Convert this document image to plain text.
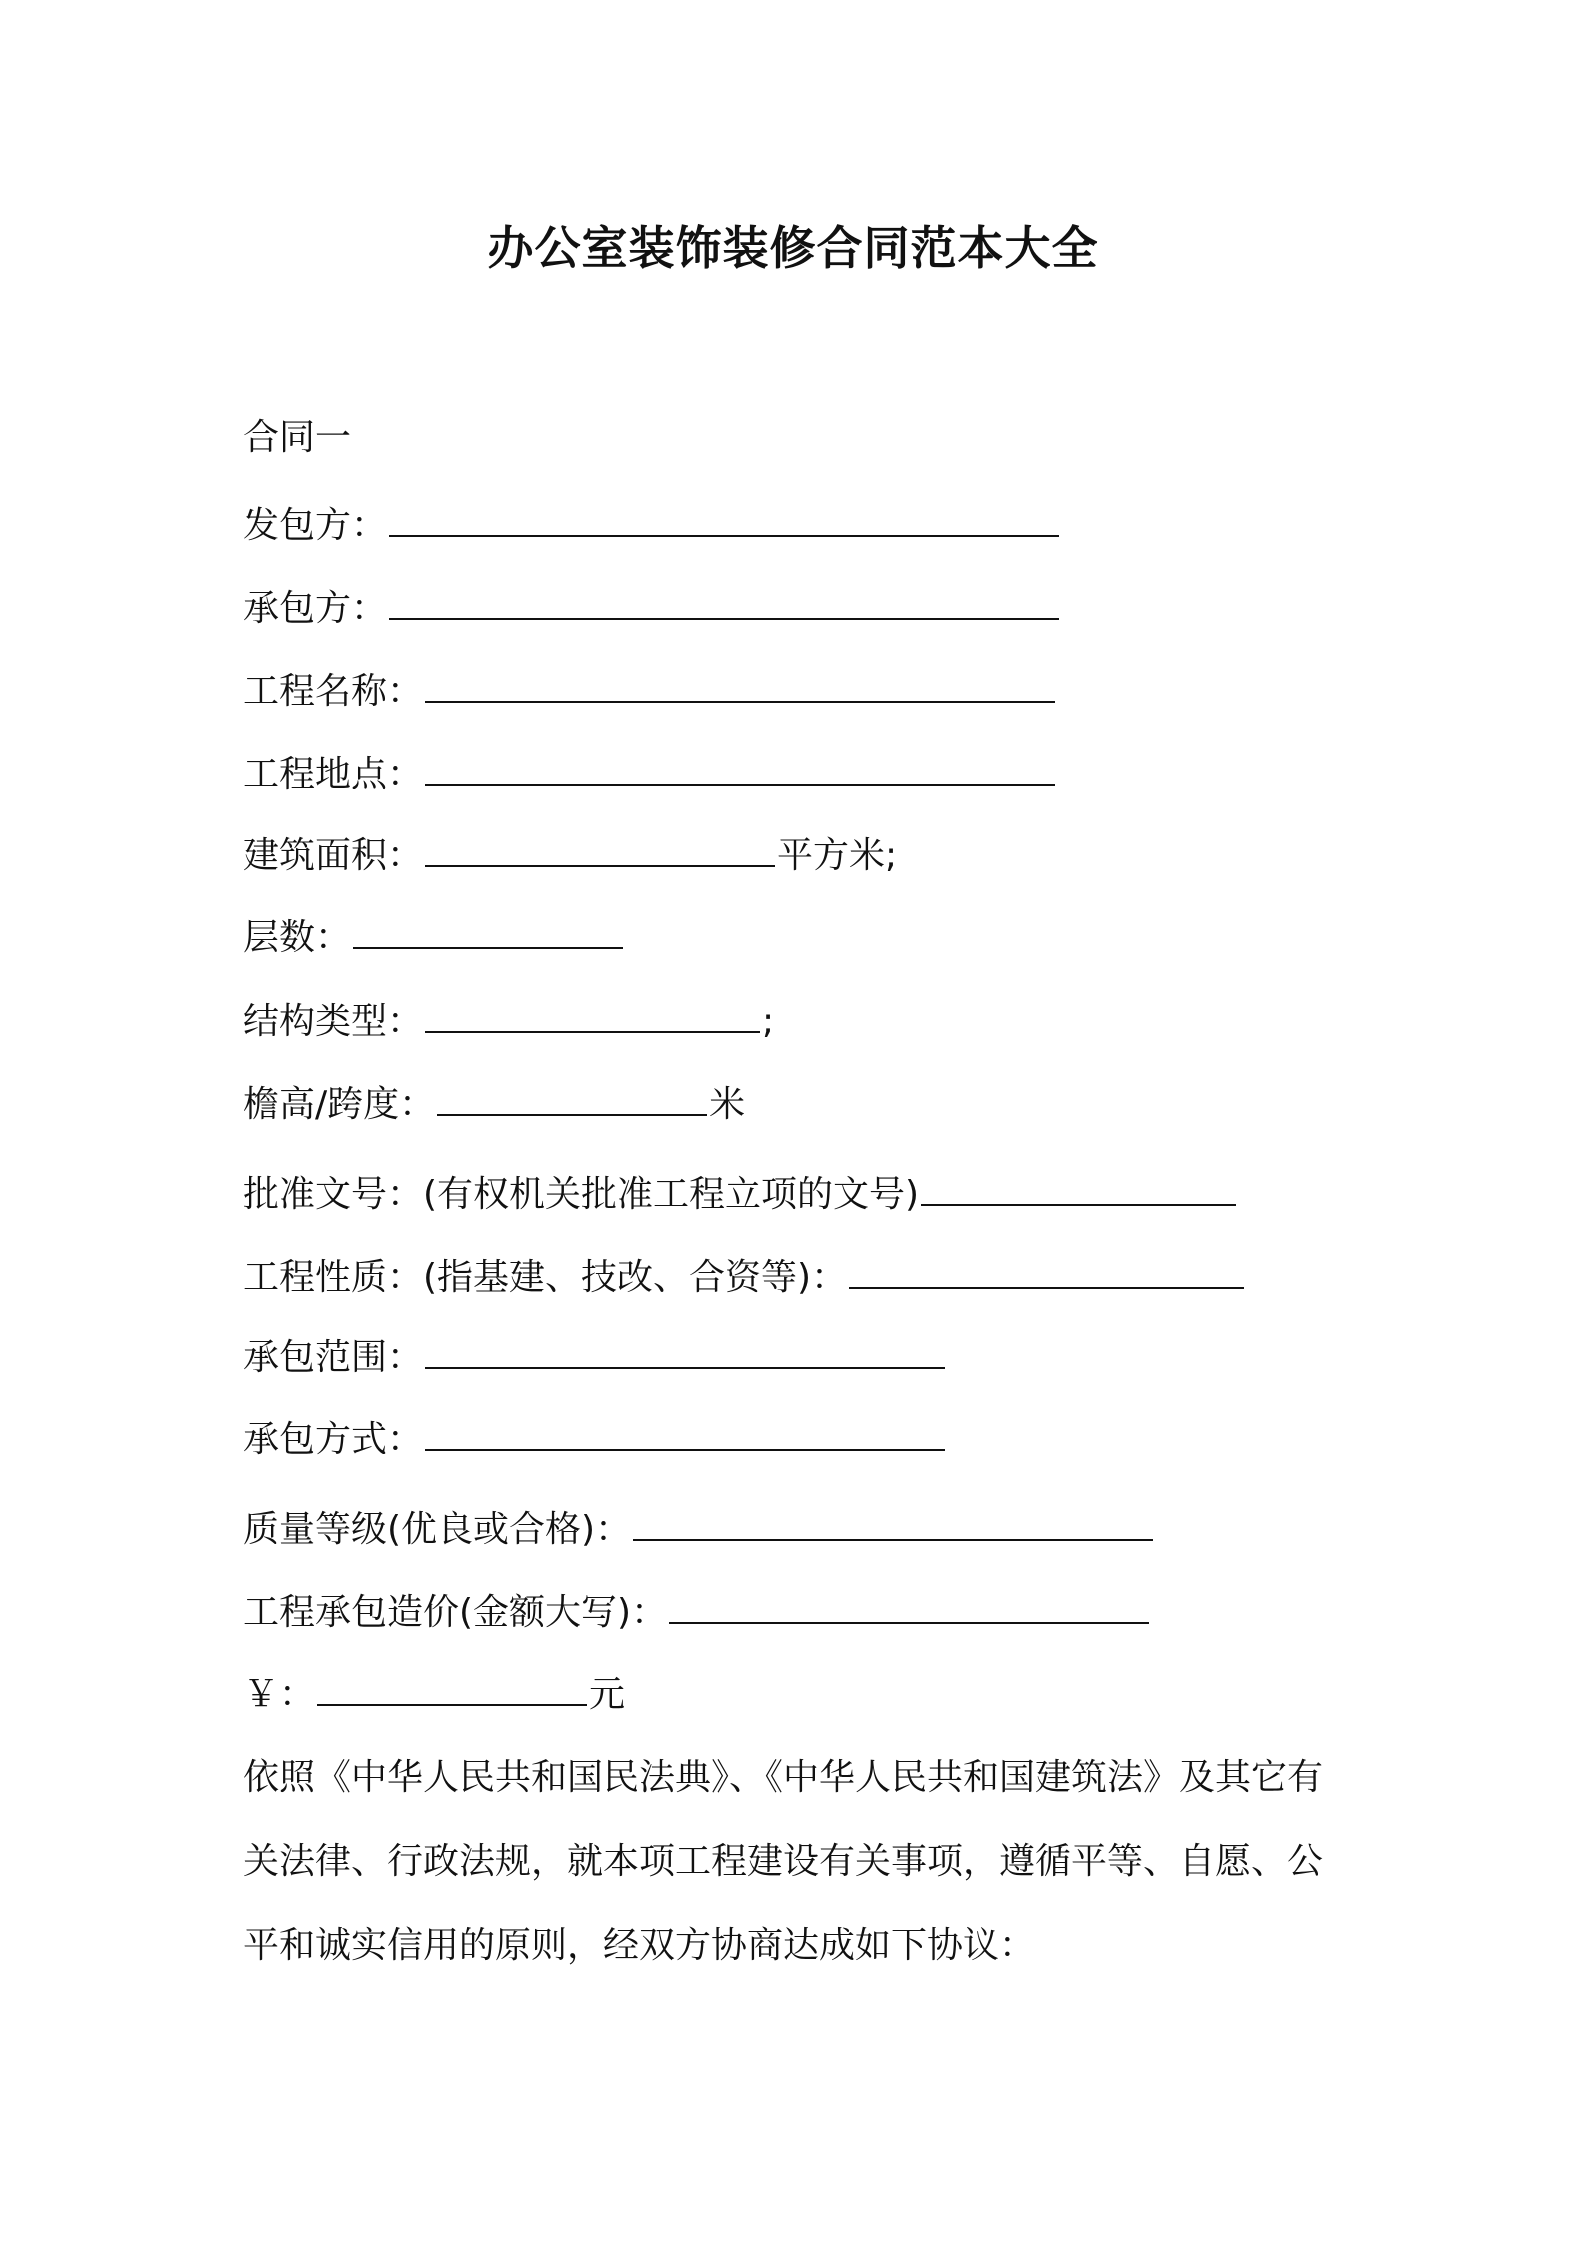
办公室装饰装修合同范本大全
合同一
发包方：
承包方：
工程名称：
工程地点：
建筑面积：	平方米;
层数：
结构类型：	;
檐高/跨度：	米
批准文号：(有权机关批准工程立项的文号)
工程性质：(指基建、技改、合资等)：
承包范围：
承包方式：
质量等级(优良或合格)：
工程承包造价(金额大写)：
￥：	元
依照《中华人民共和国民法典》、《中华人民共和国建筑法》及其它有
关法律、行政法规，就本项工程建设有关事项，遵循平等、自愿、公
平和诚实信用的原则，经双方协商达成如下协议：
